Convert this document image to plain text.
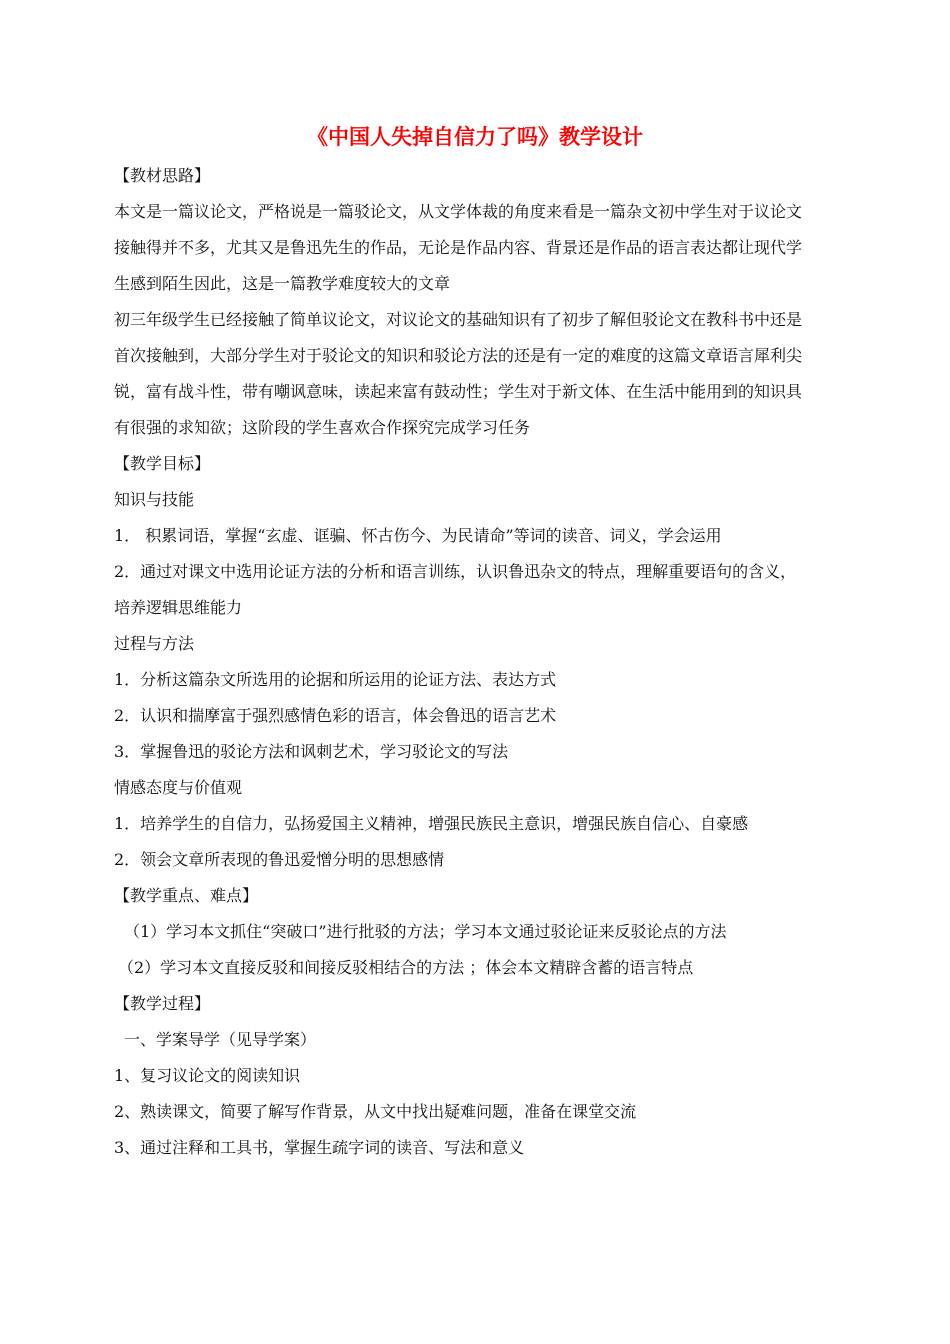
《中国人失掉自信力了吗》教学设计
【教材思路】
本文是一篇议论文，严格说是一篇驳论文，从文学体裁的角度来看是一篇杂文初中学生对于议论文
接触得并不多，尤其又是鲁迅先生的作品，无论是作品内容、背景还是作品的语言表达都让现代学
生感到陌生因此，这是一篇教学难度较大的文章
初三年级学生已经接触了简单议论文，对议论文的基础知识有了初步了解但驳论文在教科书中还是
首次接触到，大部分学生对于驳论文的知识和驳论方法的还是有一定的难度的这篇文章语言犀利尖
锐，富有战斗性，带有嘲讽意味，读起来富有鼓动性；学生对于新文体、在生活中能用到的知识具
有很强的求知欲；这阶段的学生喜欢合作探究完成学习任务
【教学目标】
知识与技能
1． 积累词语，掌握“玄虚、诓骗、怀古伤今、为民请命”等词的读音、词义，学会运用
2．通过对课文中选用论证方法的分析和语言训练，认识鲁迅杂文的特点，理解重要语句的含义，
培养逻辑思维能力
过程与方法
1．分析这篇杂文所选用的论据和所运用的论证方法、表达方式
2．认识和揣摩富于强烈感情色彩的语言，体会鲁迅的语言艺术
3．掌握鲁迅的驳论方法和讽刺艺术，学习驳论文的写法
情感态度与价值观
1．培养学生的自信力，弘扬爱国主义精神，增强民族民主意识，增强民族自信心、自豪感
2．领会文章所表现的鲁迅爱憎分明的思想感情
【教学重点、难点】
（1）学习本文抓住“突破口”进行批驳的方法；学习本文通过驳论证来反驳论点的方法
（2）学习本文直接反驳和间接反驳相结合的方法 ；体会本文精辟含蓄的语言特点
【教学过程】
一、学案导学（见导学案）
1、复习议论文的阅读知识
2、熟读课文，简要了解写作背景，从文中找出疑难问题，准备在课堂交流
3、通过注释和工具书，掌握生疏字词的读音、写法和意义
